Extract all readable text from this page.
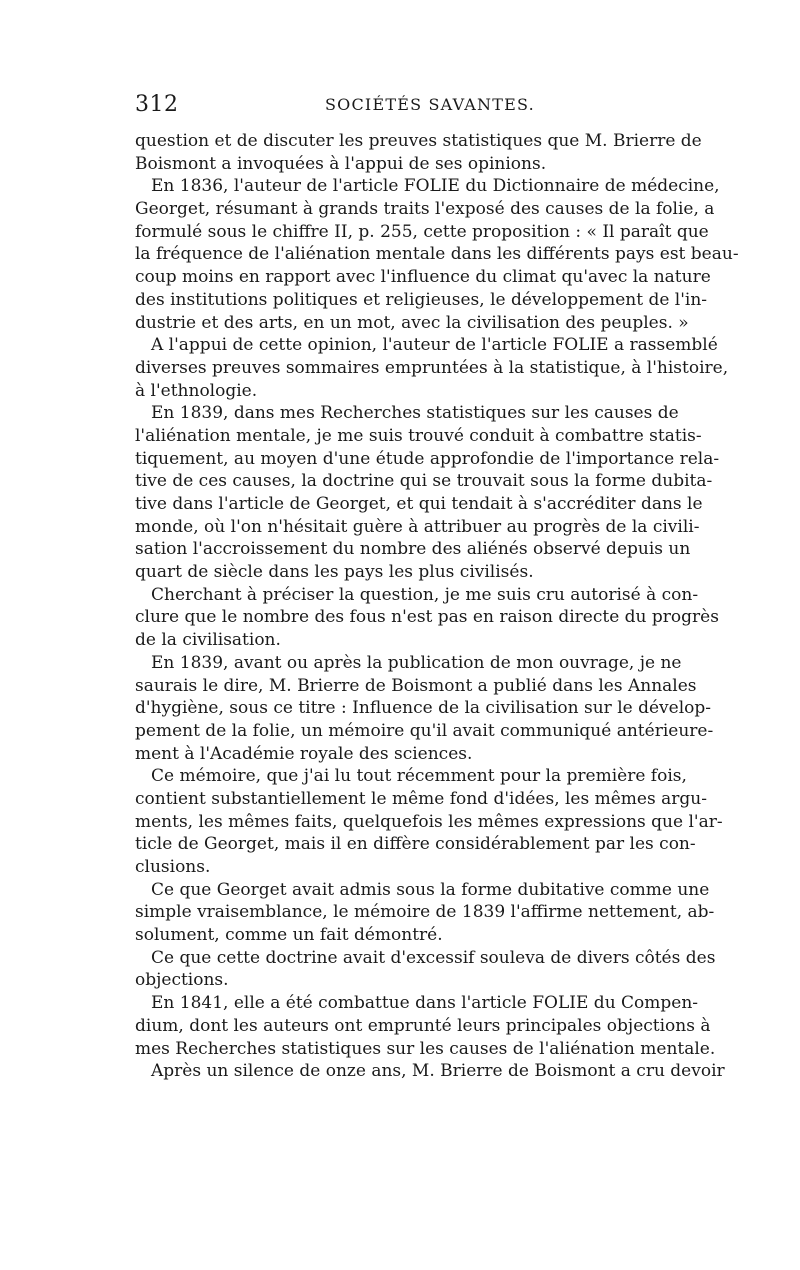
312	SOCIÉTÉS SAVANTES.
question et de discuter les preuves statistiques que M. Brierre de
Boismont a invoquées à l'appui de ses opinions.
En 1836, l'auteur de l'article FOLIE du Dictionnaire de médecine,
Georget, résumant à grands traits l'exposé des causes de la folie, a
formulé sous le chiffre II, p. 255, cette proposition : « Il paraît que
la fréquence de l'aliénation mentale dans les différents pays est beau-
coup moins en rapport avec l'influence du climat qu'avec la nature
des institutions politiques et religieuses, le développement de l'in-
dustrie et des arts, en un mot, avec la civilisation des peuples. »
A l'appui de cette opinion, l'auteur de l'article FOLIE a rassemblé
diverses preuves sommaires empruntées à la statistique, à l'histoire,
à l'ethnologie.
En 1839, dans mes Recherches statistiques sur les causes de
l'aliénation mentale, je me suis trouvé conduit à combattre statis-
tiquement, au moyen d'une étude approfondie de l'importance rela-
tive de ces causes, la doctrine qui se trouvait sous la forme dubita-
tive dans l'article de Georget, et qui tendait à s'accréditer dans le
monde, où l'on n'hésitait guère à attribuer au progrès de la civili-
sation l'accroissement du nombre des aliénés observé depuis un
quart de siècle dans les pays les plus civilisés.
Cherchant à préciser la question, je me suis cru autorisé à con-
clure que le nombre des fous n'est pas en raison directe du progrès
de la civilisation.
En 1839, avant ou après la publication de mon ouvrage, je ne
saurais le dire, M. Brierre de Boismont a publié dans les Annales
d'hygiène, sous ce titre : Influence de la civilisation sur le dévelop-
pement de la folie, un mémoire qu'il avait communiqué antérieure-
ment à l'Académie royale des sciences.
Ce mémoire, que j'ai lu tout récemment pour la première fois,
contient substantiellement le même fond d'idées, les mêmes argu-
ments, les mêmes faits, quelquefois les mêmes expressions que l'ar-
ticle de Georget, mais il en diffère considérablement par les con-
clusions.
Ce que Georget avait admis sous la forme dubitative comme une
simple vraisemblance, le mémoire de 1839 l'affirme nettement, ab-
solument, comme un fait démontré.
Ce que cette doctrine avait d'excessif souleva de divers côtés des
objections.
En 1841, elle a été combattue dans l'article FOLIE du Compen-
dium, dont les auteurs ont emprunté leurs principales objections à
mes Recherches statistiques sur les causes de l'aliénation mentale.
Après un silence de onze ans, M. Brierre de Boismont a cru devoir
